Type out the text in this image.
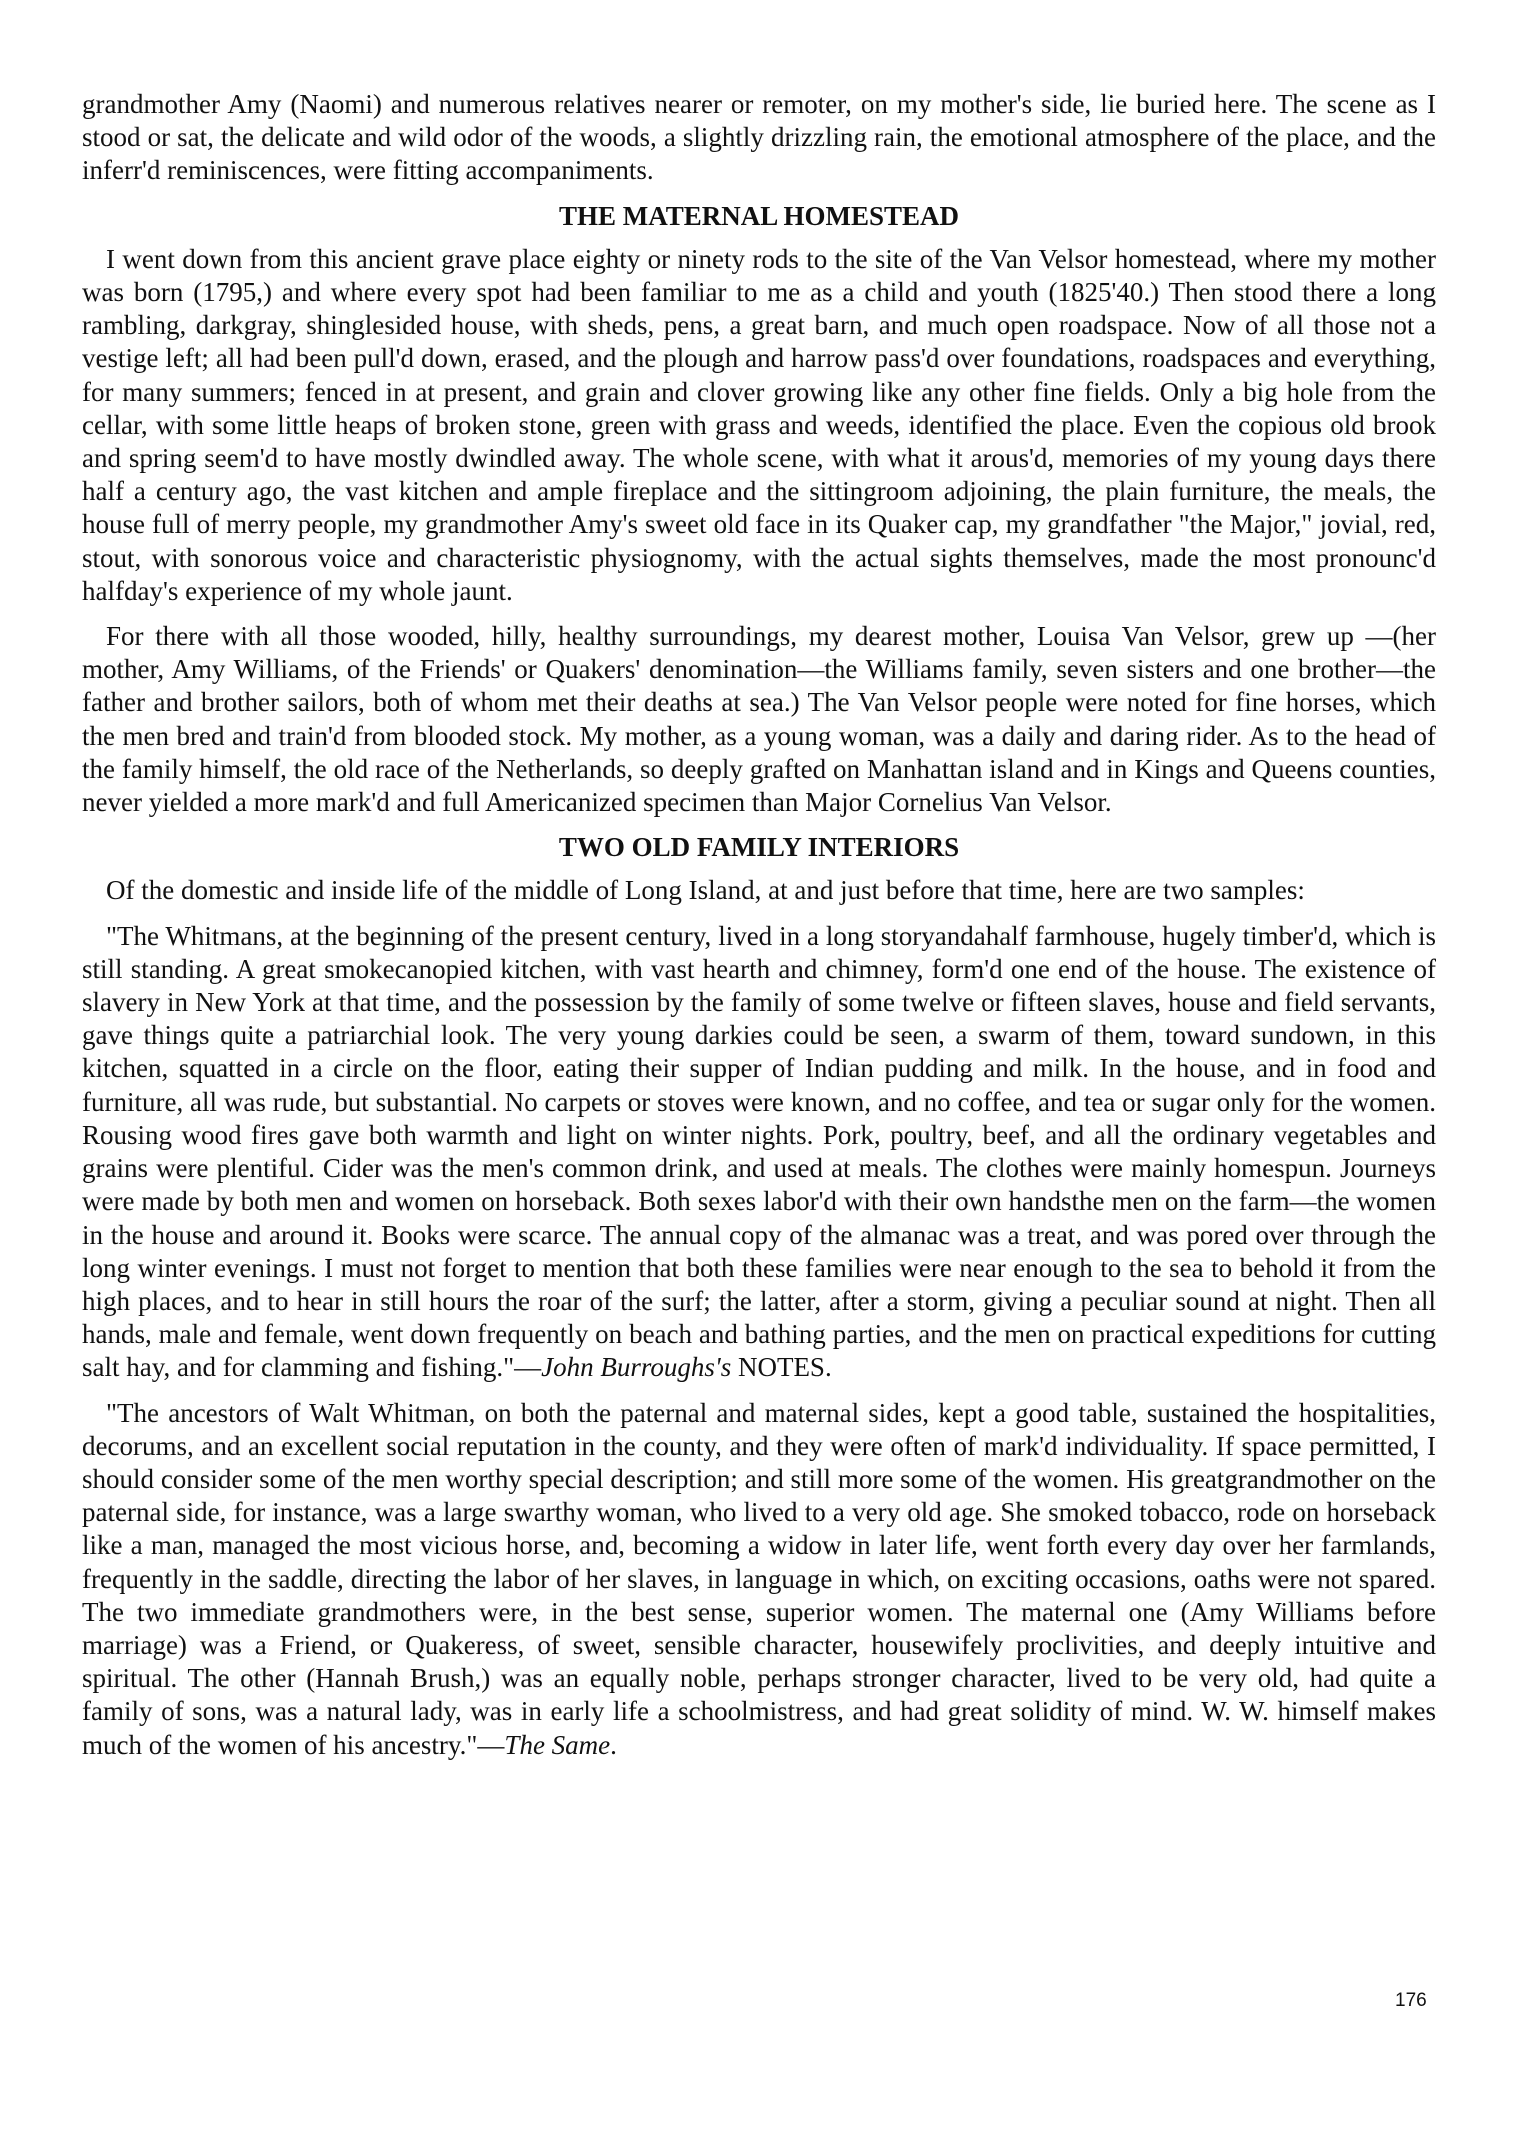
grandmother Amy (Naomi) and numerous relatives nearer or remoter, on my mother's side, lie buried here. The scene as I stood or sat, the delicate and wild odor of the woods, a slightly drizzling rain, the emotional atmosphere of the place, and the inferr'd reminiscences, were fitting accompaniments.

THE MATERNAL HOMESTEAD

I went down from this ancient grave place eighty or ninety rods to the site of the Van Velsor homestead, where my mother was born (1795,) and where every spot had been familiar to me as a child and youth (1825'40.) Then stood there a long rambling, darkgray, shinglesided house, with sheds, pens, a great barn, and much open roadspace. Now of all those not a vestige left; all had been pull'd down, erased, and the plough and harrow pass'd over foundations, roadspaces and everything, for many summers; fenced in at present, and grain and clover growing like any other fine fields. Only a big hole from the cellar, with some little heaps of broken stone, green with grass and weeds, identified the place. Even the copious old brook and spring seem'd to have mostly dwindled away. The whole scene, with what it arous'd, memories of my young days there half a century ago, the vast kitchen and ample fireplace and the sittingroom adjoining, the plain furniture, the meals, the house full of merry people, my grandmother Amy's sweet old face in its Quaker cap, my grandfather "the Major," jovial, red, stout, with sonorous voice and characteristic physiognomy, with the actual sights themselves, made the most pronounc'd halfday's experience of my whole jaunt.

For there with all those wooded, hilly, healthy surroundings, my dearest mother, Louisa Van Velsor, grew up —(her mother, Amy Williams, of the Friends' or Quakers' denomination—the Williams family, seven sisters and one brother—the father and brother sailors, both of whom met their deaths at sea.) The Van Velsor people were noted for fine horses, which the men bred and train'd from blooded stock. My mother, as a young woman, was a daily and daring rider. As to the head of the family himself, the old race of the Netherlands, so deeply grafted on Manhattan island and in Kings and Queens counties, never yielded a more mark'd and full Americanized specimen than Major Cornelius Van Velsor.

TWO OLD FAMILY INTERIORS

Of the domestic and inside life of the middle of Long Island, at and just before that time, here are two samples:

"The Whitmans, at the beginning of the present century, lived in a long storyandahalf farmhouse, hugely timber'd, which is still standing. A great smokecanopied kitchen, with vast hearth and chimney, form'd one end of the house. The existence of slavery in New York at that time, and the possession by the family of some twelve or fifteen slaves, house and field servants, gave things quite a patriarchial look. The very young darkies could be seen, a swarm of them, toward sundown, in this kitchen, squatted in a circle on the floor, eating their supper of Indian pudding and milk. In the house, and in food and furniture, all was rude, but substantial. No carpets or stoves were known, and no coffee, and tea or sugar only for the women. Rousing wood fires gave both warmth and light on winter nights. Pork, poultry, beef, and all the ordinary vegetables and grains were plentiful. Cider was the men's common drink, and used at meals. The clothes were mainly homespun. Journeys were made by both men and women on horseback. Both sexes labor'd with their own handsthe men on the farm—the women in the house and around it. Books were scarce. The annual copy of the almanac was a treat, and was pored over through the long winter evenings. I must not forget to mention that both these families were near enough to the sea to behold it from the high places, and to hear in still hours the roar of the surf; the latter, after a storm, giving a peculiar sound at night. Then all hands, male and female, went down frequently on beach and bathing parties, and the men on practical expeditions for cutting salt hay, and for clamming and fishing."—John Burroughs's NOTES.

"The ancestors of Walt Whitman, on both the paternal and maternal sides, kept a good table, sustained the hospitalities, decorums, and an excellent social reputation in the county, and they were often of mark'd individuality. If space permitted, I should consider some of the men worthy special description; and still more some of the women. His greatgrandmother on the paternal side, for instance, was a large swarthy woman, who lived to a very old age. She smoked tobacco, rode on horseback like a man, managed the most vicious horse, and, becoming a widow in later life, went forth every day over her farmlands, frequently in the saddle, directing the labor of her slaves, in language in which, on exciting occasions, oaths were not spared. The two immediate grandmothers were, in the best sense, superior women. The maternal one (Amy Williams before marriage) was a Friend, or Quakeress, of sweet, sensible character, housewifely proclivities, and deeply intuitive and spiritual. The other (Hannah Brush,) was an equally noble, perhaps stronger character, lived to be very old, had quite a family of sons, was a natural lady, was in early life a schoolmistress, and had great solidity of mind. W. W. himself makes much of the women of his ancestry."—The Same.

176
